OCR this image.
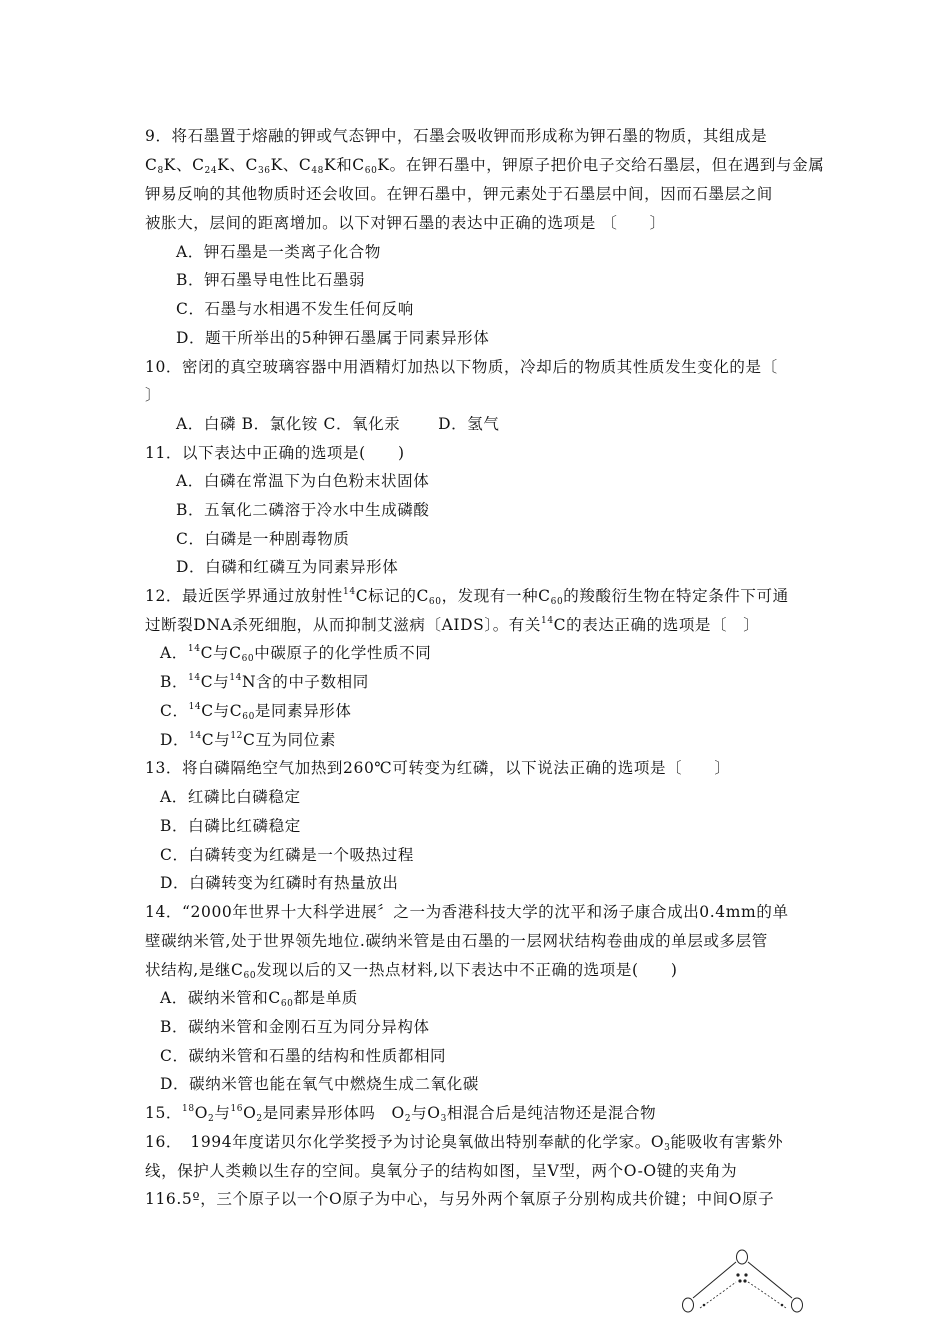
9．将石墨置于熔融的钾或气态钾中，石墨会吸收钾而形成称为钾石墨的物质，其组成是
$C_8K$、$C_{24}K$、$C_{36}K$、$C_{48}K$和$C_{60}K$。在钾石墨中，钾原子把价电子交给石墨层，但在遇到与金属
钾易反响的其他物质时还会收回。在钾石墨中，钾元素处于石墨层中间，因而石墨层之间
被胀大，层间的距离增加。以下对钾石墨的表达中正确的选项是 〔　　〕
A．钾石墨是一类离子化合物
B．钾石墨导电性比石墨弱
C．石墨与水相遇不发生任何反响
D．题干所举出的5种钾石墨属于同素异形体
10．密闭的真空玻璃容器中用酒精灯加热以下物质，冷却后的物质其性质发生变化的是〔
〕
A．白磷 B．氯化铵 C．氧化汞 　　D．氢气
11．以下表达中正确的选项是(　　)
A．白磷在常温下为白色粉末状固体
B．五氧化二磷溶于冷水中生成磷酸
C．白磷是一种剧毒物质
D．白磷和红磷互为同素异形体
12．最近医学界通过放射性$^{14}$C标记的$C_{60}$，发现有一种$C_{60}$的羧酸衍生物在特定条件下可通
过断裂DNA杀死细胞，从而抑制艾滋病〔AIDS〕。有关$^{14}$C的表达正确的选项是〔　〕
A．$^{14}$C与$C_{60}$中碳原子的化学性质不同
B．$^{14}$C与$^{14}$N含的中子数相同
C．$^{14}$C与$C_{60}$是同素异形体
D．$^{14}$C与$^{12}$C互为同位素
13．将白磷隔绝空气加热到260℃可转变为红磷，以下说法正确的选项是〔　　〕
A．红磷比白磷稳定
B．白磷比红磷稳定
C．白磷转变为红磷是一个吸热过程
D．白磷转变为红磷时有热量放出
14．“2000年世界十大科学进展〞之一为香港科技大学的沈平和汤子康合成出0.4mm的单
壁碳纳米管,处于世界领先地位.碳纳米管是由石墨的一层网状结构卷曲成的单层或多层管
状结构,是继$C_{60}$发现以后的又一热点材料,以下表达中不正确的选项是(　　)
A．碳纳米管和$C_{60}$都是单质
B．碳纳米管和金刚石互为同分异构体
C．碳纳米管和石墨的结构和性质都相同
D．碳纳米管也能在氧气中燃烧生成二氧化碳
15．$^{18}O_2$与$^{16}O_2$是同素异形体吗　$O_2$与$O_3$相混合后是纯洁物还是混合物
16．　1994年度诺贝尔化学奖授予为讨论臭氧做出特别奉献的化学家。$O_3$能吸收有害紫外
线，保护人类赖以生存的空间。臭氧分子的结构如图，呈V型，两个O-O键的夹角为
116.5º，三个原子以一个O原子为中心，与另外两个氧原子分别构成共价键；中间O原子
